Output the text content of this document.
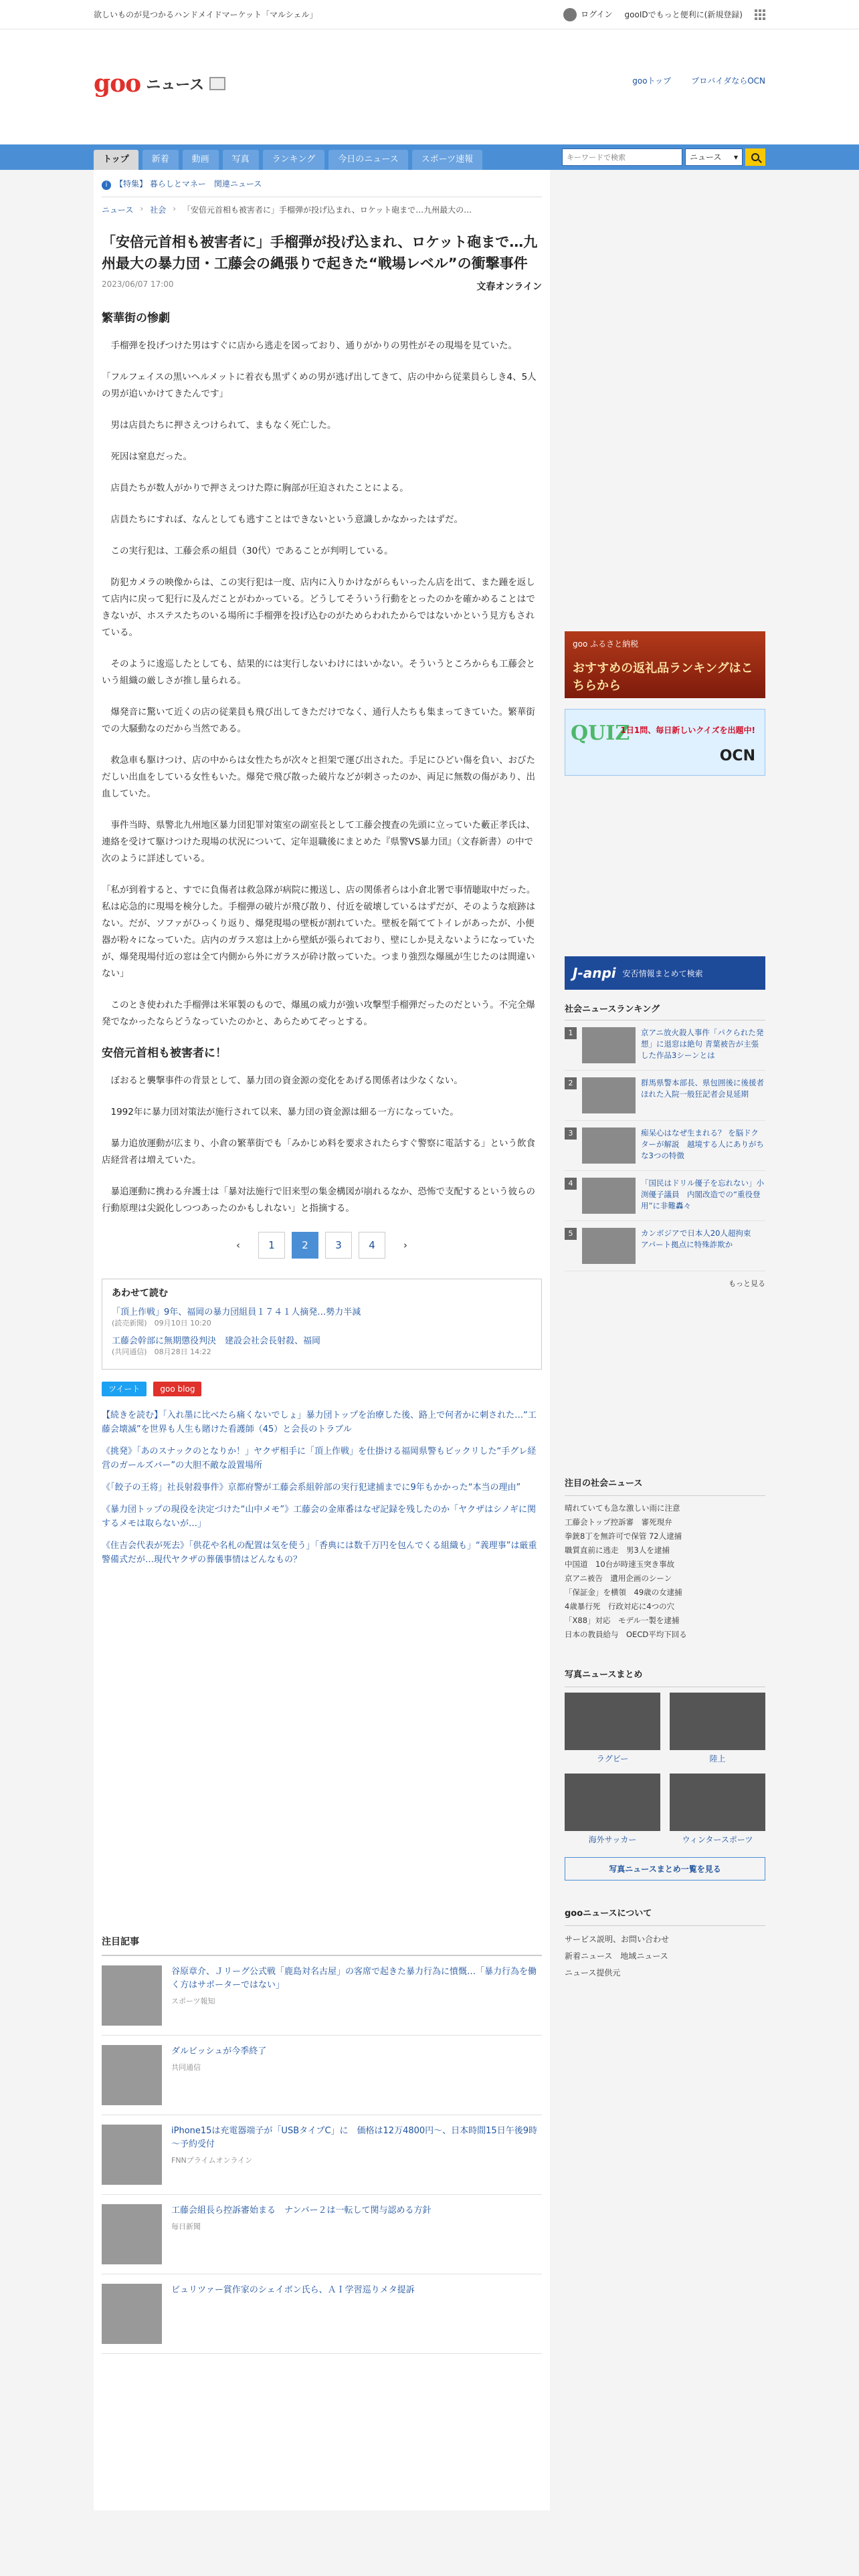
欲しいものが見つかるハンドメイドマーケット「マルシェル」	ログイン gooIDでもっと便利に(新規登録)
goo ニュース	gooトップ	プロバイダならOCN
トップ	新着	動画	写真	ランキング	今日のニュース	スポーツ速報
キーワードで検索	ニュース ▾
i 【特集】 暮らしとマネー　関連ニュース
ニュース › 社会 › 「安倍元首相も被害者に」手榴弾が投げ込まれ、ロケット砲まで…九州最大の…
「安倍元首相も被害者に」手榴弾が投げ込まれ、ロケット砲まで…九州最大の暴力団・工藤会の縄張りで起きた“戦場レベル”の衝撃事件
2023/06/07 17:00	文春オンライン
繁華街の惨劇

手榴弾を投げつけた男はすぐに店から逃走を図っており、通りがかりの男性がその現場を見ていた。

「フルフェイスの黒いヘルメットに着衣も黒ずくめの男が逃げ出してきて、店の中から従業員らしき4、5人の男が追いかけてきたんです」

男は店員たちに押さえつけられて、まもなく死亡した。

死因は窒息だった。

店員たちが数人がかりで押さえつけた際に胸部が圧迫されたことによる。

店員たちにすれば、なんとしても逃すことはできないという意識しかなかったはずだ。

この実行犯は、工藤会系の組員（30代）であることが判明している。

防犯カメラの映像からは、この実行犯は一度、店内に入りかけながらもいったん店を出て、また踵を返して店内に戻って犯行に及んだことがわかっている。どうしてそういう行動をとったのかを確かめることはできないが、ホステスたちのいる場所に手榴弾を投げ込むのがためらわれたからではないかという見方もされている。

そのように逡巡したとしても、結果的には実行しないわけにはいかない。そういうところからも工藤会という組織の厳しさが推し量られる。

爆発音に驚いて近くの店の従業員も飛び出してきただけでなく、通行人たちも集まってきていた。繁華街での大騒動なのだから当然である。

救急車も駆けつけ、店の中からは女性たちが次々と担架で運び出された。手足にひどい傷を負い、おびただしい出血をしている女性もいた。爆発で飛び散った破片などが刺さったのか、両足に無数の傷があり、出血していた。

事件当時、県警北九州地区暴力団犯罪対策室の副室長として工藤会捜査の先頭に立っていた藪正孝氏は、連絡を受けて駆けつけた現場の状況について、定年退職後にまとめた『県警VS暴力団』（文春新書）の中で次のように詳述している。

「私が到着すると、すでに負傷者は救急隊が病院に搬送し、店の関係者らは小倉北署で事情聴取中だった。私は応急的に現場を検分した。手榴弾の破片が飛び散り、付近を破壊しているはずだが、そのような痕跡はない。だが、ソファがひっくり返り、爆発現場の壁板が割れていた。壁板を隔ててトイレがあったが、小便器が粉々になっていた。店内のガラス窓は上から壁紙が張られており、壁にしか見えないようになっていたが、爆発現場付近の窓は全て内側から外にガラスが砕け散っていた。つまり強烈な爆風が生じたのは間違いない」

このとき使われた手榴弾は米軍製のもので、爆風の威力が強い攻撃型手榴弾だったのだという。不完全爆発でなかったならどうなっていたのかと、あらためてぞっとする。

安倍元首相も被害者に！

ぼおると襲撃事件の背景として、暴力団の資金源の変化をあげる関係者は少なくない。

1992年に暴力団対策法が施行されて以来、暴力団の資金源は細る一方になっていた。

暴力追放運動が広まり、小倉の繁華街でも「みかじめ料を要求されたらすぐ警察に電話する」という飲食店経営者は増えていた。

暴追運動に携わる弁護士は「暴対法施行で旧来型の集金構図が崩れるなか、恐怖で支配するという彼らの行動原理は尖鋭化しつつあったのかもしれない」と指摘する。

‹	1	2	3	4	›
あわせて読む
「頂上作戦」9年、福岡の暴力団組員１７４１人摘発…勢力半減
(読売新聞)　09月10日 10:20
工藤会幹部に無期懲役判決　建設会社会長射殺、福岡
(共同通信)　08月28日 14:22
ツイート	goo blog
【続きを読む】「入れ墨に比べたら痛くないでしょ」暴力団トップを治療した後、路上で何者かに刺された…“工藤会壊滅”を世界も人生も賭けた看護師（45）と会長のトラブル
《挑発》「あのスナックのとなりか！」ヤクザ相手に「頂上作戦」を仕掛ける福岡県警もビックリした“手グレ経営のガールズバー”の大胆不敵な設置場所
《「餃子の王将」社長射殺事件》京都府警が工藤会系組幹部の実行犯逮捕までに9年もかかった“本当の理由”
《暴力団トップの現役を決定づけた“山中メモ”》工藤会の金庫番はなぜ記録を残したのか「ヤクザはシノギに関するメモは取らないが…」
《住吉会代表が死去》「供花や名札の配置は気を使う」「香典には数千万円を包んでくる組織も」“義理事”は厳重警備式だが…現代ヤクザの葬儀事情はどんなもの？
注目記事
谷原章介、Ｊリーグ公式戦「鹿島対名古屋」の客席で起きた暴力行為に憤慨…「暴力行為を働く方はサポーターではない」
スポーツ報知
ダルビッシュが今季終了
共同通信
iPhone15は充電器端子が「USBタイプC」に　価格は12万4800円～、日本時間15日午後9時～予約受付
FNNプライムオンライン
工藤会組長ら控訴審始まる　ナンバー２は一転して関与認める方針
毎日新聞
ビュリツァー賞作家のシェイボン氏ら、ＡＩ学習巡りメタ提訴
goo ふるさと納税
おすすめの返礼品ランキングはこちらから
QUIZ
1日1問、毎日新しいクイズを出題中!
OCN
J-anpi 安否情報まとめて検索
社会ニュースランキング
1	京アニ放火殺人事件「パクられた発想」に退窓は絶句 青葉被告が主張した作品3シーンとは
2	群馬県警本部長、県包囲後に後援者ほれた入院一般狂記者会見延期
3	痴呆心はなぜ生まれる？ を脳ドクターが解説　越境する人にありがちな3つの特徴
4	「国民はドリル優子を忘れない」小渕優子議員　内閣改造での“重役登用”に非難轟々
5	カンボジアで日本人20人超拘束　アパート拠点に特殊詐欺か
もっと見る
注目の社会ニュース
晴れていても急な激しい雨に注意
工藤会トップ控訴審　審死現弁
拳銃8丁を無許可で保管 72人逮捕
職質直前に逃走　男3人を逮捕
中国道　10台が時速玉突き事故
京アニ被告　遺用企画のシーン
「保証金」を横領　49歳の女逮捕
4歳暴行死　行政対応に4つの穴
「X88」対応　モデル一製を逮捕
日本の教員給与　OECD平均下回る
写真ニュースまとめ
ラグビー	陸上
海外サッカー	ウィンタースポーツ
写真ニュースまとめ一覧を見る
gooニュースについて
サービス説明、お問い合わせ
新着ニュース　地域ニュース
ニュース提供元
